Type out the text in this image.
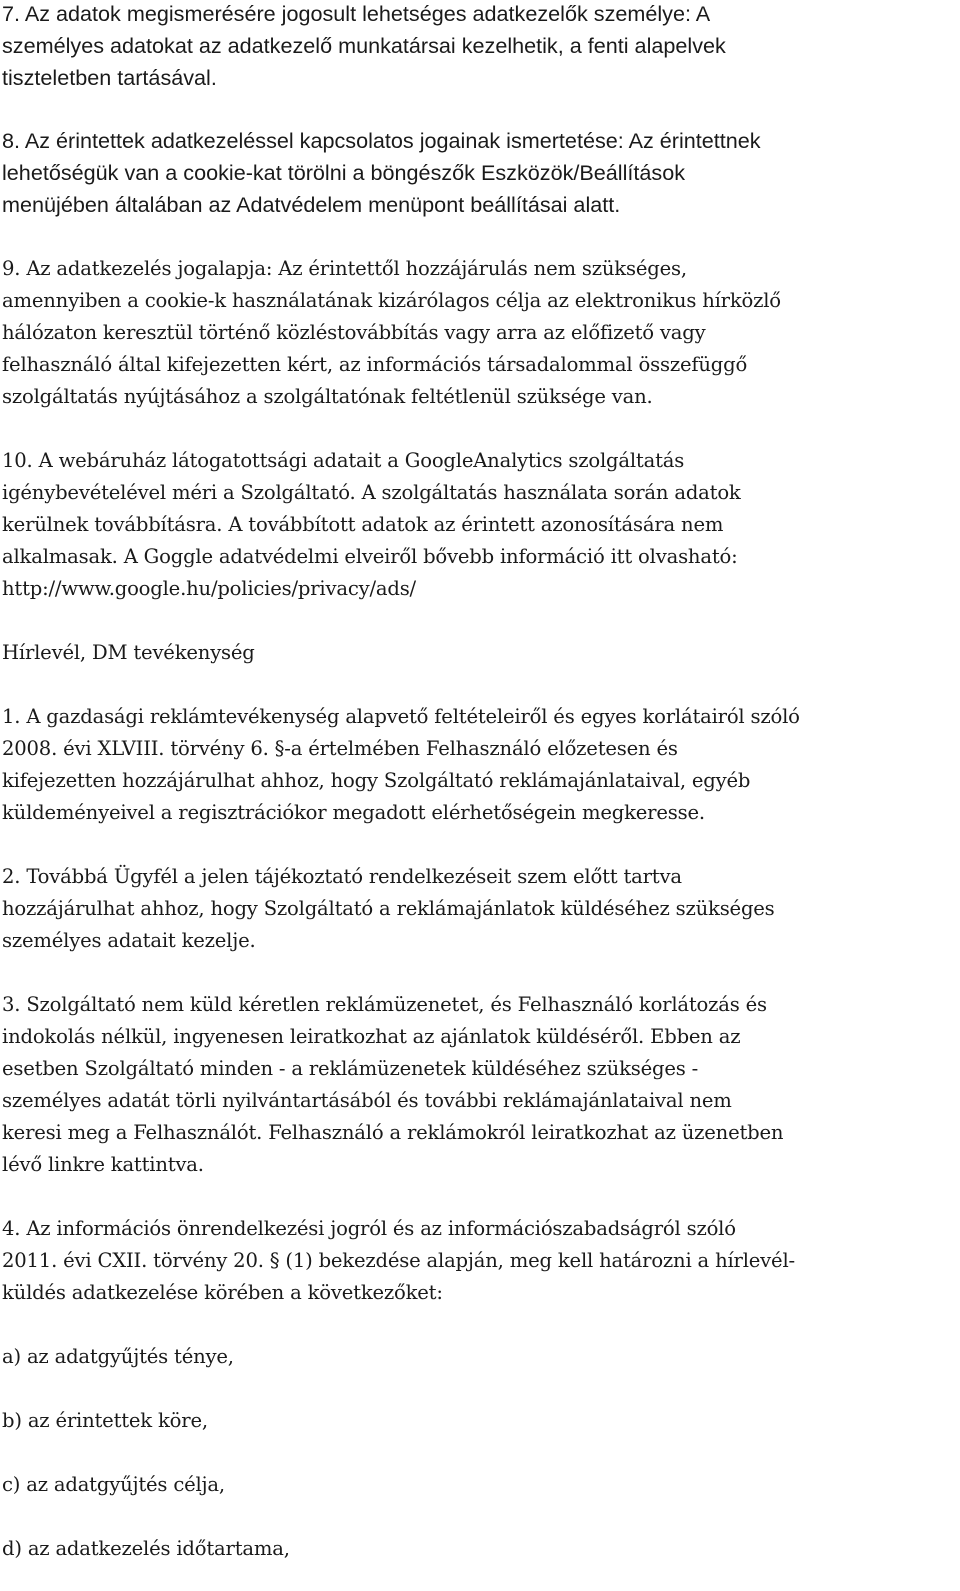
7. Az adatok megismerésére jogosult lehetséges adatkezelők személye: A
személyes adatokat az adatkezelő munkatársai kezelhetik, a fenti alapelvek
tiszteletben tartásával.
8. Az érintettek adatkezeléssel kapcsolatos jogainak ismertetése: Az érintettnek
lehetőségük van a cookie-kat törölni a böngészők Eszközök/Beállítások
menüjében általában az Adatvédelem menüpont beállításai alatt.
9. Az adatkezelés jogalapja: Az érintettől hozzájárulás nem szükséges,
amennyiben a cookie-k használatának kizárólagos célja az elektronikus hírközlő
hálózaton keresztül történő közléstovábbítás vagy arra az előfizető vagy
felhasználó által kifejezetten kért, az információs társadalommal összefüggő
szolgáltatás nyújtásához a szolgáltatónak feltétlenül szüksége van.
10. A webáruház látogatottsági adatait a GoogleAnalytics szolgáltatás
igénybevételével méri a Szolgáltató. A szolgáltatás használata során adatok
kerülnek továbbításra. A továbbított adatok az érintett azonosítására nem
alkalmasak. A Goggle adatvédelmi elveiről bővebb információ itt olvasható:
http://www.google.hu/policies/privacy/ads/
Hírlevél, DM tevékenység
1. A gazdasági reklámtevékenység alapvető feltételeiről és egyes korlátairól szóló
2008. évi XLVIII. törvény 6. §-a értelmében Felhasználó előzetesen és
kifejezetten hozzájárulhat ahhoz, hogy Szolgáltató reklámajánlataival, egyéb
küldeményeivel a regisztrációkor megadott elérhetőségein megkeresse.
2. Továbbá Ügyfél a jelen tájékoztató rendelkezéseit szem előtt tartva
hozzájárulhat ahhoz, hogy Szolgáltató a reklámajánlatok küldéséhez szükséges
személyes adatait kezelje.
3. Szolgáltató nem küld kéretlen reklámüzenetet, és Felhasználó korlátozás és
indokolás nélkül, ingyenesen leiratkozhat az ajánlatok küldéséről. Ebben az
esetben Szolgáltató minden - a reklámüzenetek küldéséhez szükséges -
személyes adatát törli nyilvántartásából és további reklámajánlataival nem
keresi meg a Felhasználót. Felhasználó a reklámokról leiratkozhat az üzenetben
lévő linkre kattintva.
4. Az információs önrendelkezési jogról és az információszabadságról szóló
2011. évi CXII. törvény 20. § (1) bekezdése alapján, meg kell határozni a hírlevél-
küldés adatkezelése körében a következőket:
a) az adatgyűjtés ténye,
b) az érintettek köre,
c) az adatgyűjtés célja,
d) az adatkezelés időtartama,
